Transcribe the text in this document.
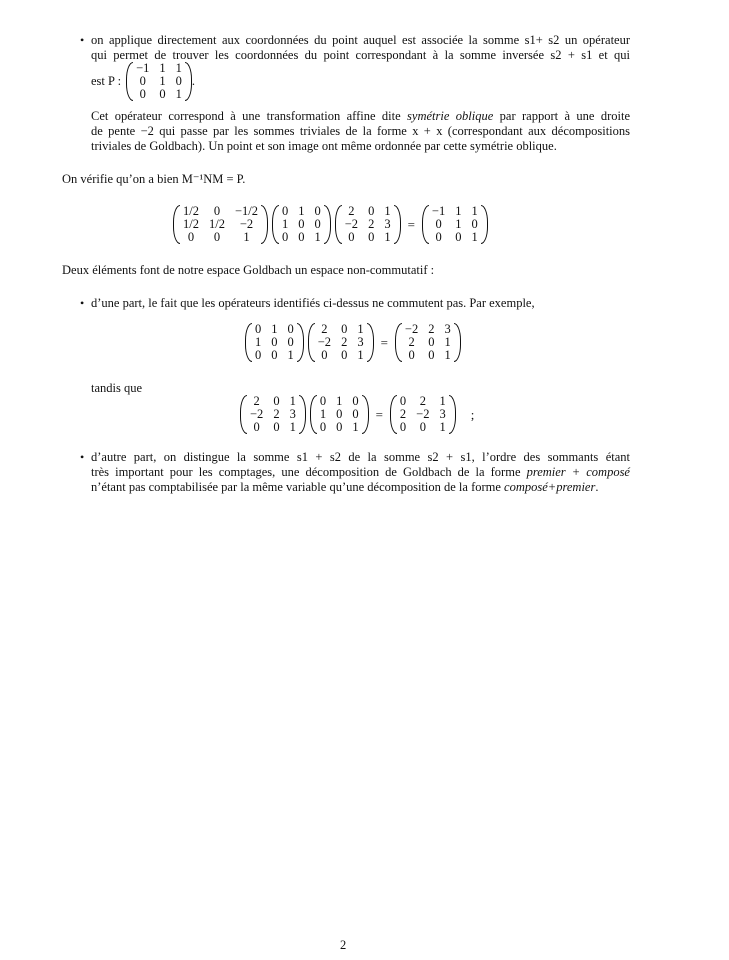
• on applique directement aux coordonnées du point auquel est associée la somme s1+ s2 un opérateur
qui permet de trouver les coordonnées du point correspondant à la somme inversée s2 + s1 et qui
est P :
−1 1 1
0 1 0
0 0 1
.
Cet opérateur correspond à une transformation affine dite symétrie oblique par rapport à une droite
de pente −2 qui passe par les sommes triviales de la forme x + x (correspondant aux décompositions
triviales de Goldbach). Un point et son image ont même ordonnée par cette symétrie oblique.
On vérifie qu’on a bien M⁻¹NM = P.
1/2	0	−1/2
1/2 1/2	−2
0	0	1
0 1 0
1 0 0
0 0 1
2 0 1
−2 2 3
0 0 1
=
−1 1 1
0 1 0
0 0 1
Deux éléments font de notre espace Goldbach un espace non-commutatif :
• d’une part, le fait que les opérateurs identifiés ci-dessus ne commutent pas. Par exemple,
0 1 0
1 0 0
0 0 1
2 0 1
−2 2 3
0 0 1
=
−2 2 3
2 0 1
0 0 1
tandis que
2 0 1
−2 2 3
0 0 1
0 1 0
1 0 0
0 0 1
=
0 2 1
2 −2 3
0 0 1
;
• d’autre part, on distingue la somme s1 + s2 de la somme s2 + s1, l’ordre des sommants étant
très important pour les comptages, une décomposition de Goldbach de la forme premier + composé
n’étant pas comptabilisée par la même variable qu’une décomposition de la forme composé+premier.
2
